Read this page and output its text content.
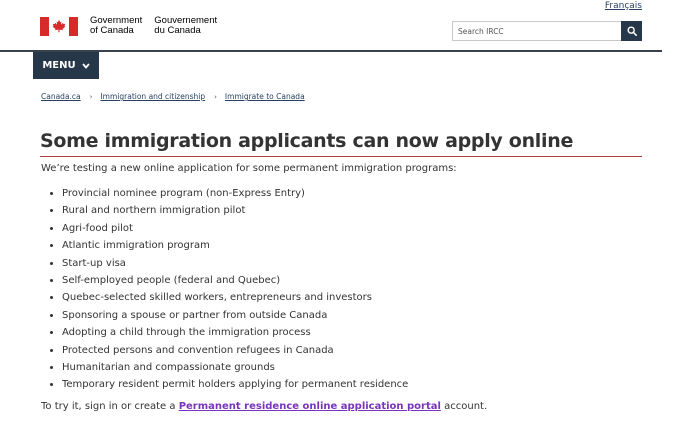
Français
Government
of Canada
Gouvernement
du Canada
Search IRCC
MENU
Canada.ca › Immigration and citizenship › Immigrate to Canada
Some immigration applicants can now apply online

We’re testing a new online application for some permanent immigration programs:

• Provincial nominee program (non-Express Entry)
• Rural and northern immigration pilot
• Agri-food pilot
• Atlantic immigration program
• Start-up visa
• Self-employed people (federal and Quebec)
• Quebec-selected skilled workers, entrepreneurs and investors
• Sponsoring a spouse or partner from outside Canada
• Adopting a child through the immigration process
• Protected persons and convention refugees in Canada
• Humanitarian and compassionate grounds
• Temporary resident permit holders applying for permanent residence

To try it, sign in or create a Permanent residence online application portal account.
